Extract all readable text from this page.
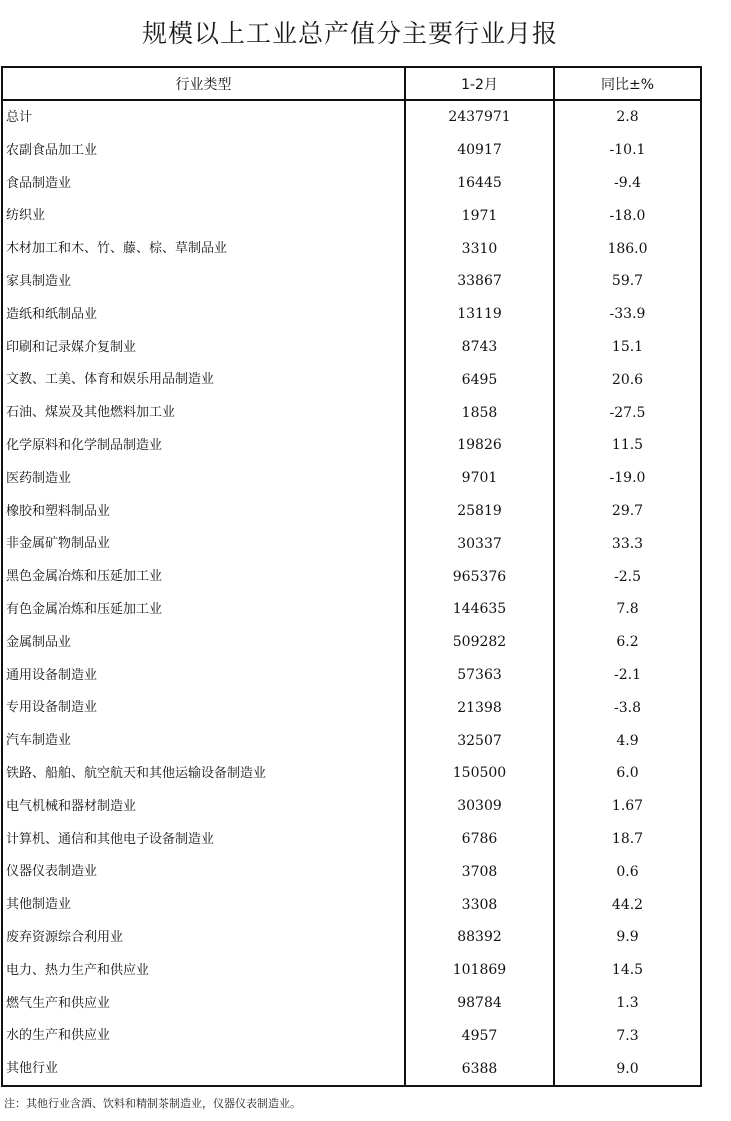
规模以上工业总产值分主要行业月报
行业类型	1-2月	同比±%
总计	2437971	2.8
农副食品加工业	40917	-10.1
食品制造业	16445	-9.4
纺织业	1971	-18.0
木材加工和木、竹、藤、棕、草制品业	3310	186.0
家具制造业	33867	59.7
造纸和纸制品业	13119	-33.9
印刷和记录媒介复制业	8743	15.1
文教、工美、体育和娱乐用品制造业	6495	20.6
石油、煤炭及其他燃料加工业	1858	-27.5
化学原料和化学制品制造业	19826	11.5
医药制造业	9701	-19.0
橡胶和塑料制品业	25819	29.7
非金属矿物制品业	30337	33.3
黑色金属冶炼和压延加工业	965376	-2.5
有色金属冶炼和压延加工业	144635	7.8
金属制品业	509282	6.2
通用设备制造业	57363	-2.1
专用设备制造业	21398	-3.8
汽车制造业	32507	4.9
铁路、船舶、航空航天和其他运输设备制造业	150500	6.0
电气机械和器材制造业	30309	1.67
计算机、通信和其他电子设备制造业	6786	18.7
仪器仪表制造业	3708	0.6
其他制造业	3308	44.2
废弃资源综合利用业	88392	9.9
电力、热力生产和供应业	101869	14.5
燃气生产和供应业	98784	1.3
水的生产和供应业	4957	7.3
其他行业	6388	9.0
注：其他行业含酒、饮料和精制茶制造业，仪器仪表制造业。
